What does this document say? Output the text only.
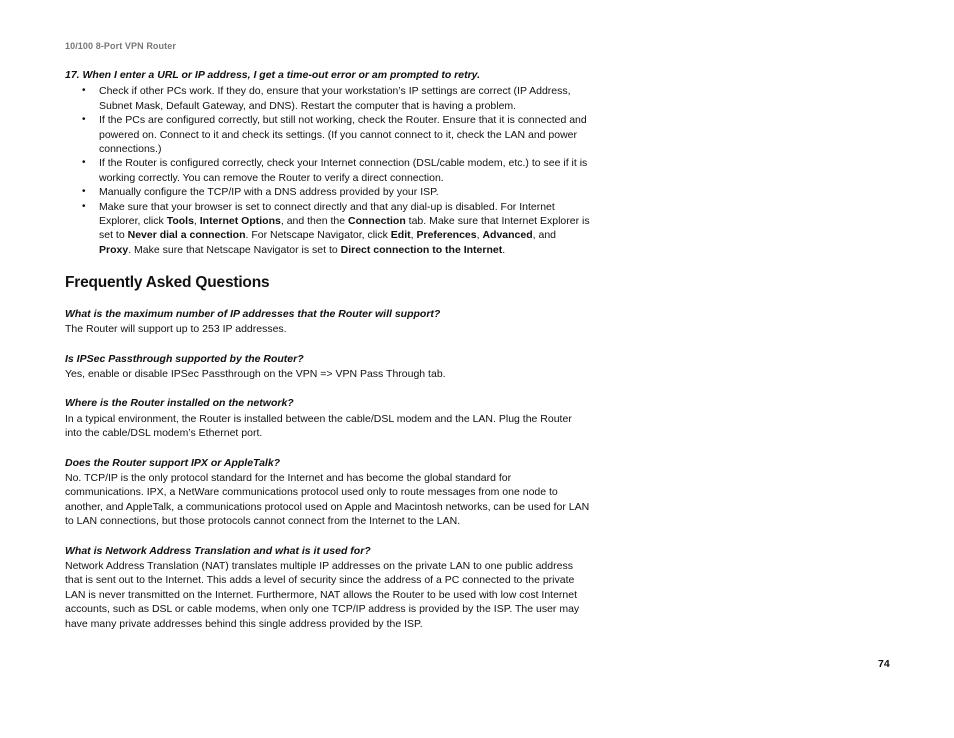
10/100 8-Port VPN Router

17. When I enter a URL or IP address, I get a time-out error or am prompted to retry.

• Check if other PCs work. If they do, ensure that your workstation’s IP settings are correct (IP Address, Subnet Mask, Default Gateway, and DNS). Restart the computer that is having a problem.
• If the PCs are configured correctly, but still not working, check the Router. Ensure that it is connected and powered on. Connect to it and check its settings. (If you cannot connect to it, check the LAN and power connections.)
• If the Router is configured correctly, check your Internet connection (DSL/cable modem, etc.) to see if it is working correctly. You can remove the Router to verify a direct connection.
• Manually configure the TCP/IP with a DNS address provided by your ISP.
• Make sure that your browser is set to connect directly and that any dial-up is disabled. For Internet Explorer, click Tools, Internet Options, and then the Connection tab. Make sure that Internet Explorer is set to Never dial a connection. For Netscape Navigator, click Edit, Preferences, Advanced, and Proxy. Make sure that Netscape Navigator is set to Direct connection to the Internet.
Frequently Asked Questions

What is the maximum number of IP addresses that the Router will support?

The Router will support up to 253 IP addresses.

Is IPSec Passthrough supported by the Router?

Yes, enable or disable IPSec Passthrough on the VPN => VPN Pass Through tab.

Where is the Router installed on the network?

In a typical environment, the Router is installed between the cable/DSL modem and the LAN. Plug the Router into the cable/DSL modem’s Ethernet port.

Does the Router support IPX or AppleTalk?

No. TCP/IP is the only protocol standard for the Internet and has become the global standard for communications. IPX, a NetWare communications protocol used only to route messages from one node to another, and AppleTalk, a communications protocol used on Apple and Macintosh networks, can be used for LAN to LAN connections, but those protocols cannot connect from the Internet to the LAN.

What is Network Address Translation and what is it used for?

Network Address Translation (NAT) translates multiple IP addresses on the private LAN to one public address that is sent out to the Internet. This adds a level of security since the address of a PC connected to the private LAN is never transmitted on the Internet. Furthermore, NAT allows the Router to be used with low cost Internet accounts, such as DSL or cable modems, when only one TCP/IP address is provided by the ISP. The user may have many private addresses behind this single address provided by the ISP.

74
